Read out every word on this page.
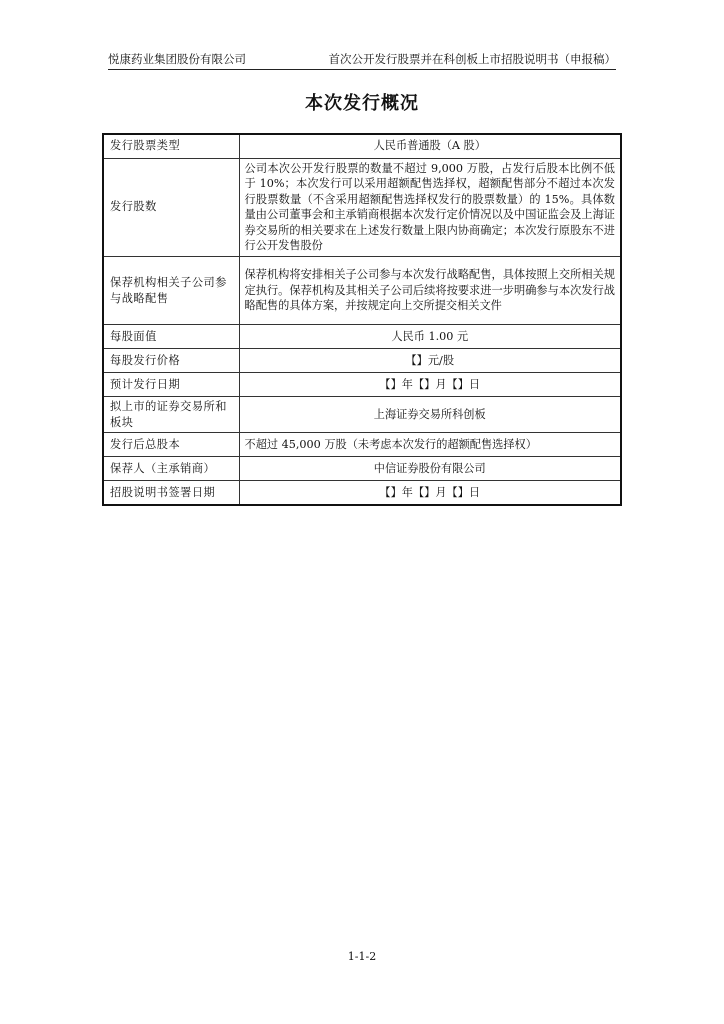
悦康药业集团股份有限公司	首次公开发行股票并在科创板上市招股说明书（申报稿）
本次发行概况
发行股票类型	人民币普通股（A 股）
发行股数	公司本次公开发行股票的数量不超过 9,000 万股，占发行后股本比例不低于 10%；本次发行可以采用超额配售选择权，超额配售部分不超过本次发行股票数量（不含采用超额配售选择权发行的股票数量）的 15%。具体数量由公司董事会和主承销商根据本次发行定价情况以及中国证监会及上海证券交易所的相关要求在上述发行数量上限内协商确定；本次发行原股东不进行公开发售股份
保荐机构相关子公司参与战略配售	保荐机构将安排相关子公司参与本次发行战略配售，具体按照上交所相关规定执行。保荐机构及其相关子公司后续将按要求进一步明确参与本次发行战略配售的具体方案，并按规定向上交所提交相关文件
每股面值	人民币 1.00 元
每股发行价格	【】元/股
预计发行日期	【】年【】月【】日
拟上市的证券交易所和板块	上海证券交易所科创板
发行后总股本	不超过 45,000 万股（未考虑本次发行的超额配售选择权）
保荐人（主承销商）	中信证券股份有限公司
招股说明书签署日期	【】年【】月【】日
1-1-2
